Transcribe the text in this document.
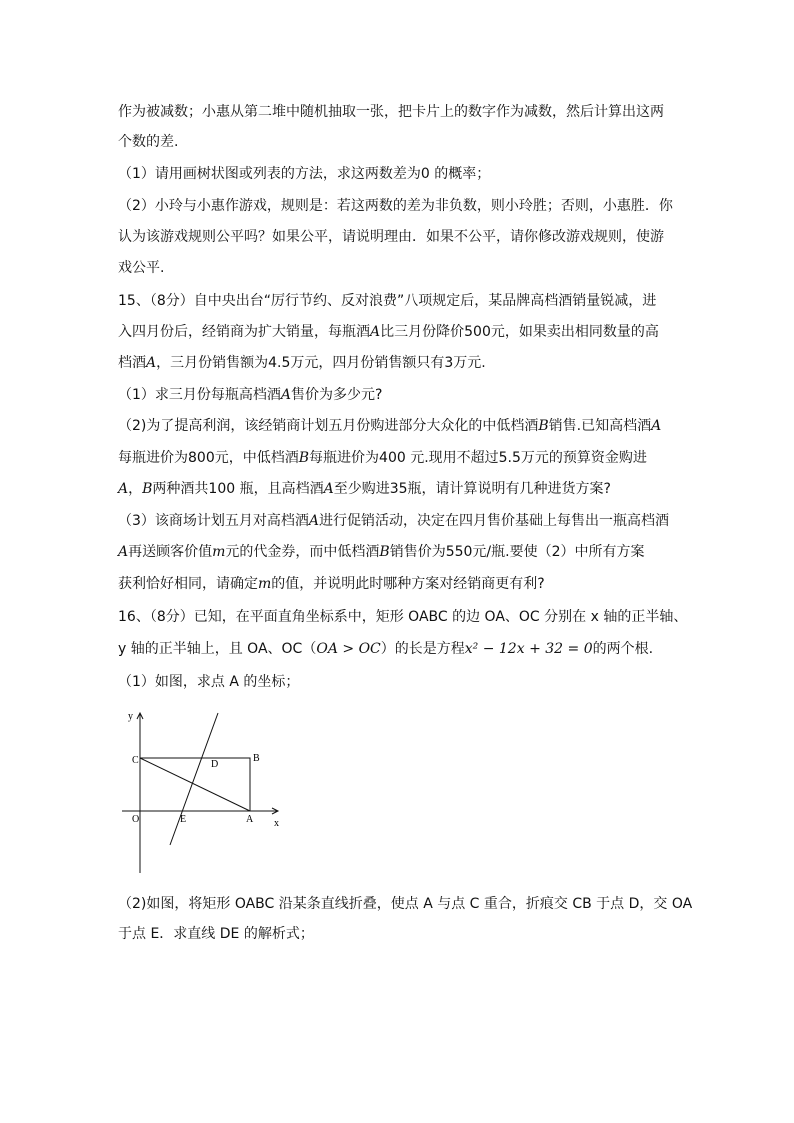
作为被减数；小惠从第二堆中随机抽取一张，把卡片上的数字作为减数，然后计算出这两
个数的差.
（1）请用画树状图或列表的方法，求这两数差为0 的概率；
（2）小玲与小惠作游戏，规则是：若这两数的差为非负数，则小玲胜；否则，小惠胜．你
认为该游戏规则公平吗？如果公平，请说明理由．如果不公平，请你修改游戏规则，使游
戏公平.
15、（8分）自中央出台“厉行节约、反对浪费”八项规定后，某品牌高档酒销量锐减，进
入四月份后，经销商为扩大销量，每瓶酒A比三月份降价500元，如果卖出相同数量的高
档酒A，三月份销售额为4.5万元，四月份销售额只有3万元.
（1）求三月份每瓶高档酒A售价为多少元?
（2)为了提高利润，该经销商计划五月份购进部分大众化的中低档酒B销售.已知高档酒A
每瓶进价为800元，中低档酒B每瓶进价为400 元.现用不超过5.5万元的预算资金购进
A，B两种酒共100 瓶，且高档酒A至少购进35瓶，请计算说明有几种进货方案?
（3）该商场计划五月对高档酒A进行促销活动，决定在四月售价基础上每售出一瓶高档酒
A再送顾客价值m元的代金券，而中低档酒B销售价为550元/瓶.要使（2）中所有方案
获利恰好相同，请确定m的值，并说明此时哪种方案对经销商更有利?
16、（8分）已知，在平面直角坐标系中，矩形 OABC 的边 OA、OC 分别在 x 轴的正半轴、
y 轴的正半轴上，且 OA、OC（OA > OC）的长是方程x² − 12x + 32 = 0的两个根.
（1）如图，求点 A 的坐标；
y
C	B
D
O	E	A x
（2)如图，将矩形 OABC 沿某条直线折叠，使点 A 与点 C 重合，折痕交 CB 于点 D，交 OA
于点 E．求直线 DE 的解析式；
